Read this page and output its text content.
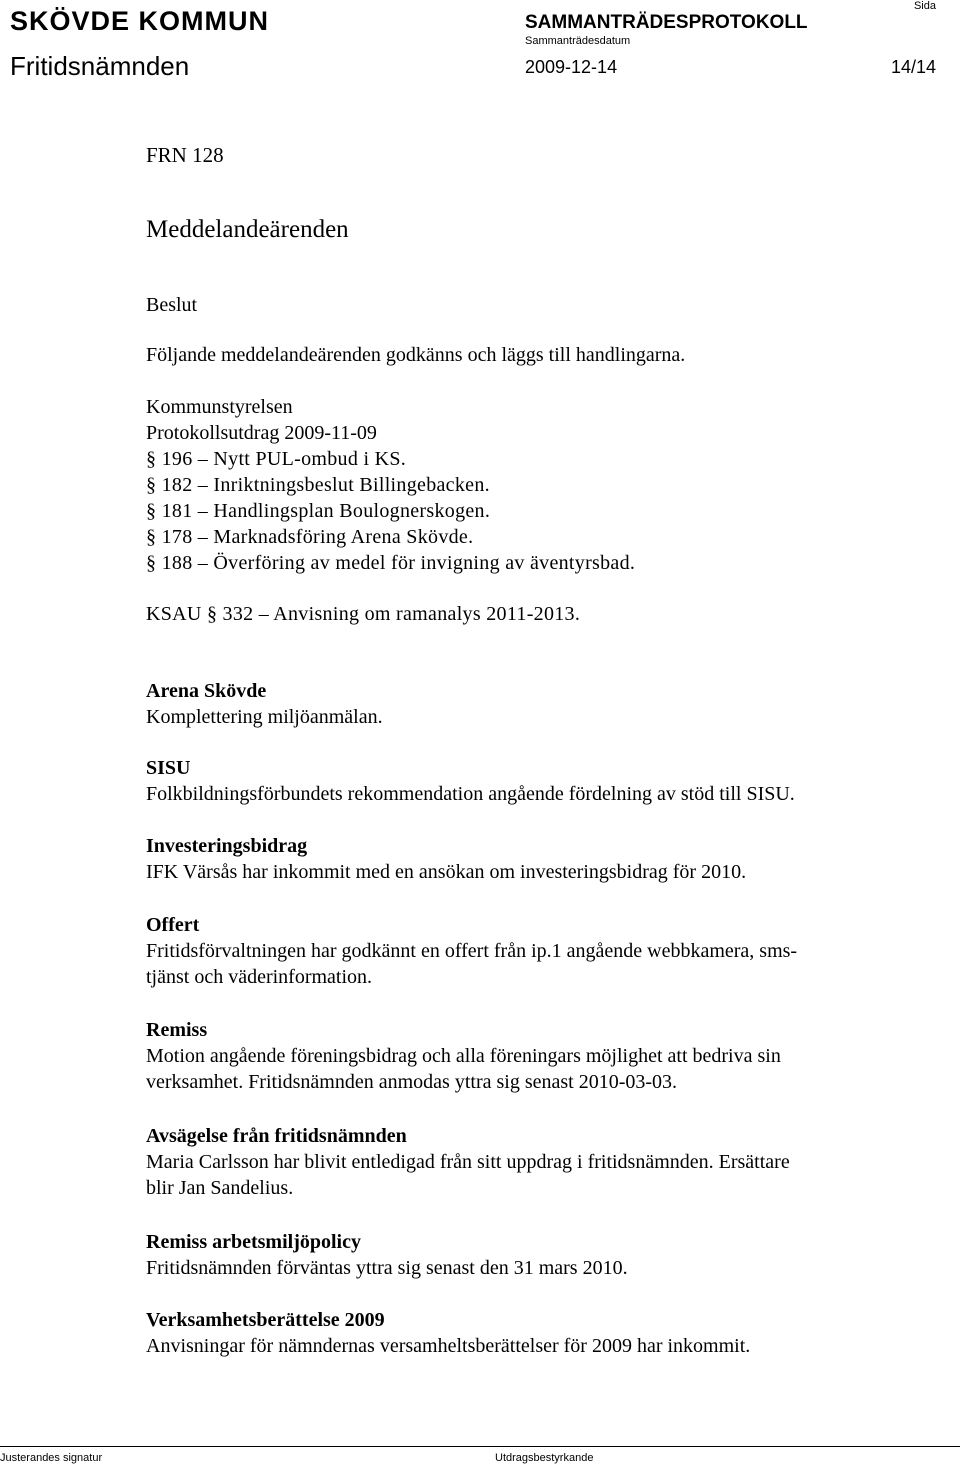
SKÖVDE KOMMUN	SAMMANTRÄDESPROTOKOLL
Sammanträdesdatum
Sida
Fritidsnämnden	2009-12-14	14/14
FRN 128
Meddelandeärenden
Beslut
Följande meddelandeärenden godkänns och läggs till handlingarna.
Kommunstyrelsen
Protokollsutdrag 2009-11-09
§ 196 – Nytt PUL-ombud i KS.
§ 182 – Inriktningsbeslut Billingebacken.
§ 181 – Handlingsplan Boulognerskogen.
§ 178 – Marknadsföring Arena Skövde.
§ 188 – Överföring av medel för invigning av äventyrsbad.
KSAU § 332 – Anvisning om ramanalys 2011-2013.
Arena Skövde
Komplettering miljöanmälan.
SISU
Folkbildningsförbundets rekommendation angående fördelning av stöd till SISU.
Investeringsbidrag
IFK Värsås har inkommit med en ansökan om investeringsbidrag för 2010.
Offert
Fritidsförvaltningen har godkännt en offert från ip.1 angående webbkamera, sms-
tjänst och väderinformation.
Remiss
Motion angående föreningsbidrag och alla föreningars möjlighet att bedriva sin
verksamhet. Fritidsnämnden anmodas yttra sig senast 2010-03-03.
Avsägelse från fritidsnämnden
Maria Carlsson har blivit entledigad från sitt uppdrag i fritidsnämnden. Ersättare
blir Jan Sandelius.
Remiss arbetsmiljöpolicy
Fritidsnämnden förväntas yttra sig senast den 31 mars 2010.
Verksamhetsberättelse 2009
Anvisningar för nämndernas versamheltsberättelser för 2009 har inkommit.
Justerandes signatur	Utdragsbestyrkande
